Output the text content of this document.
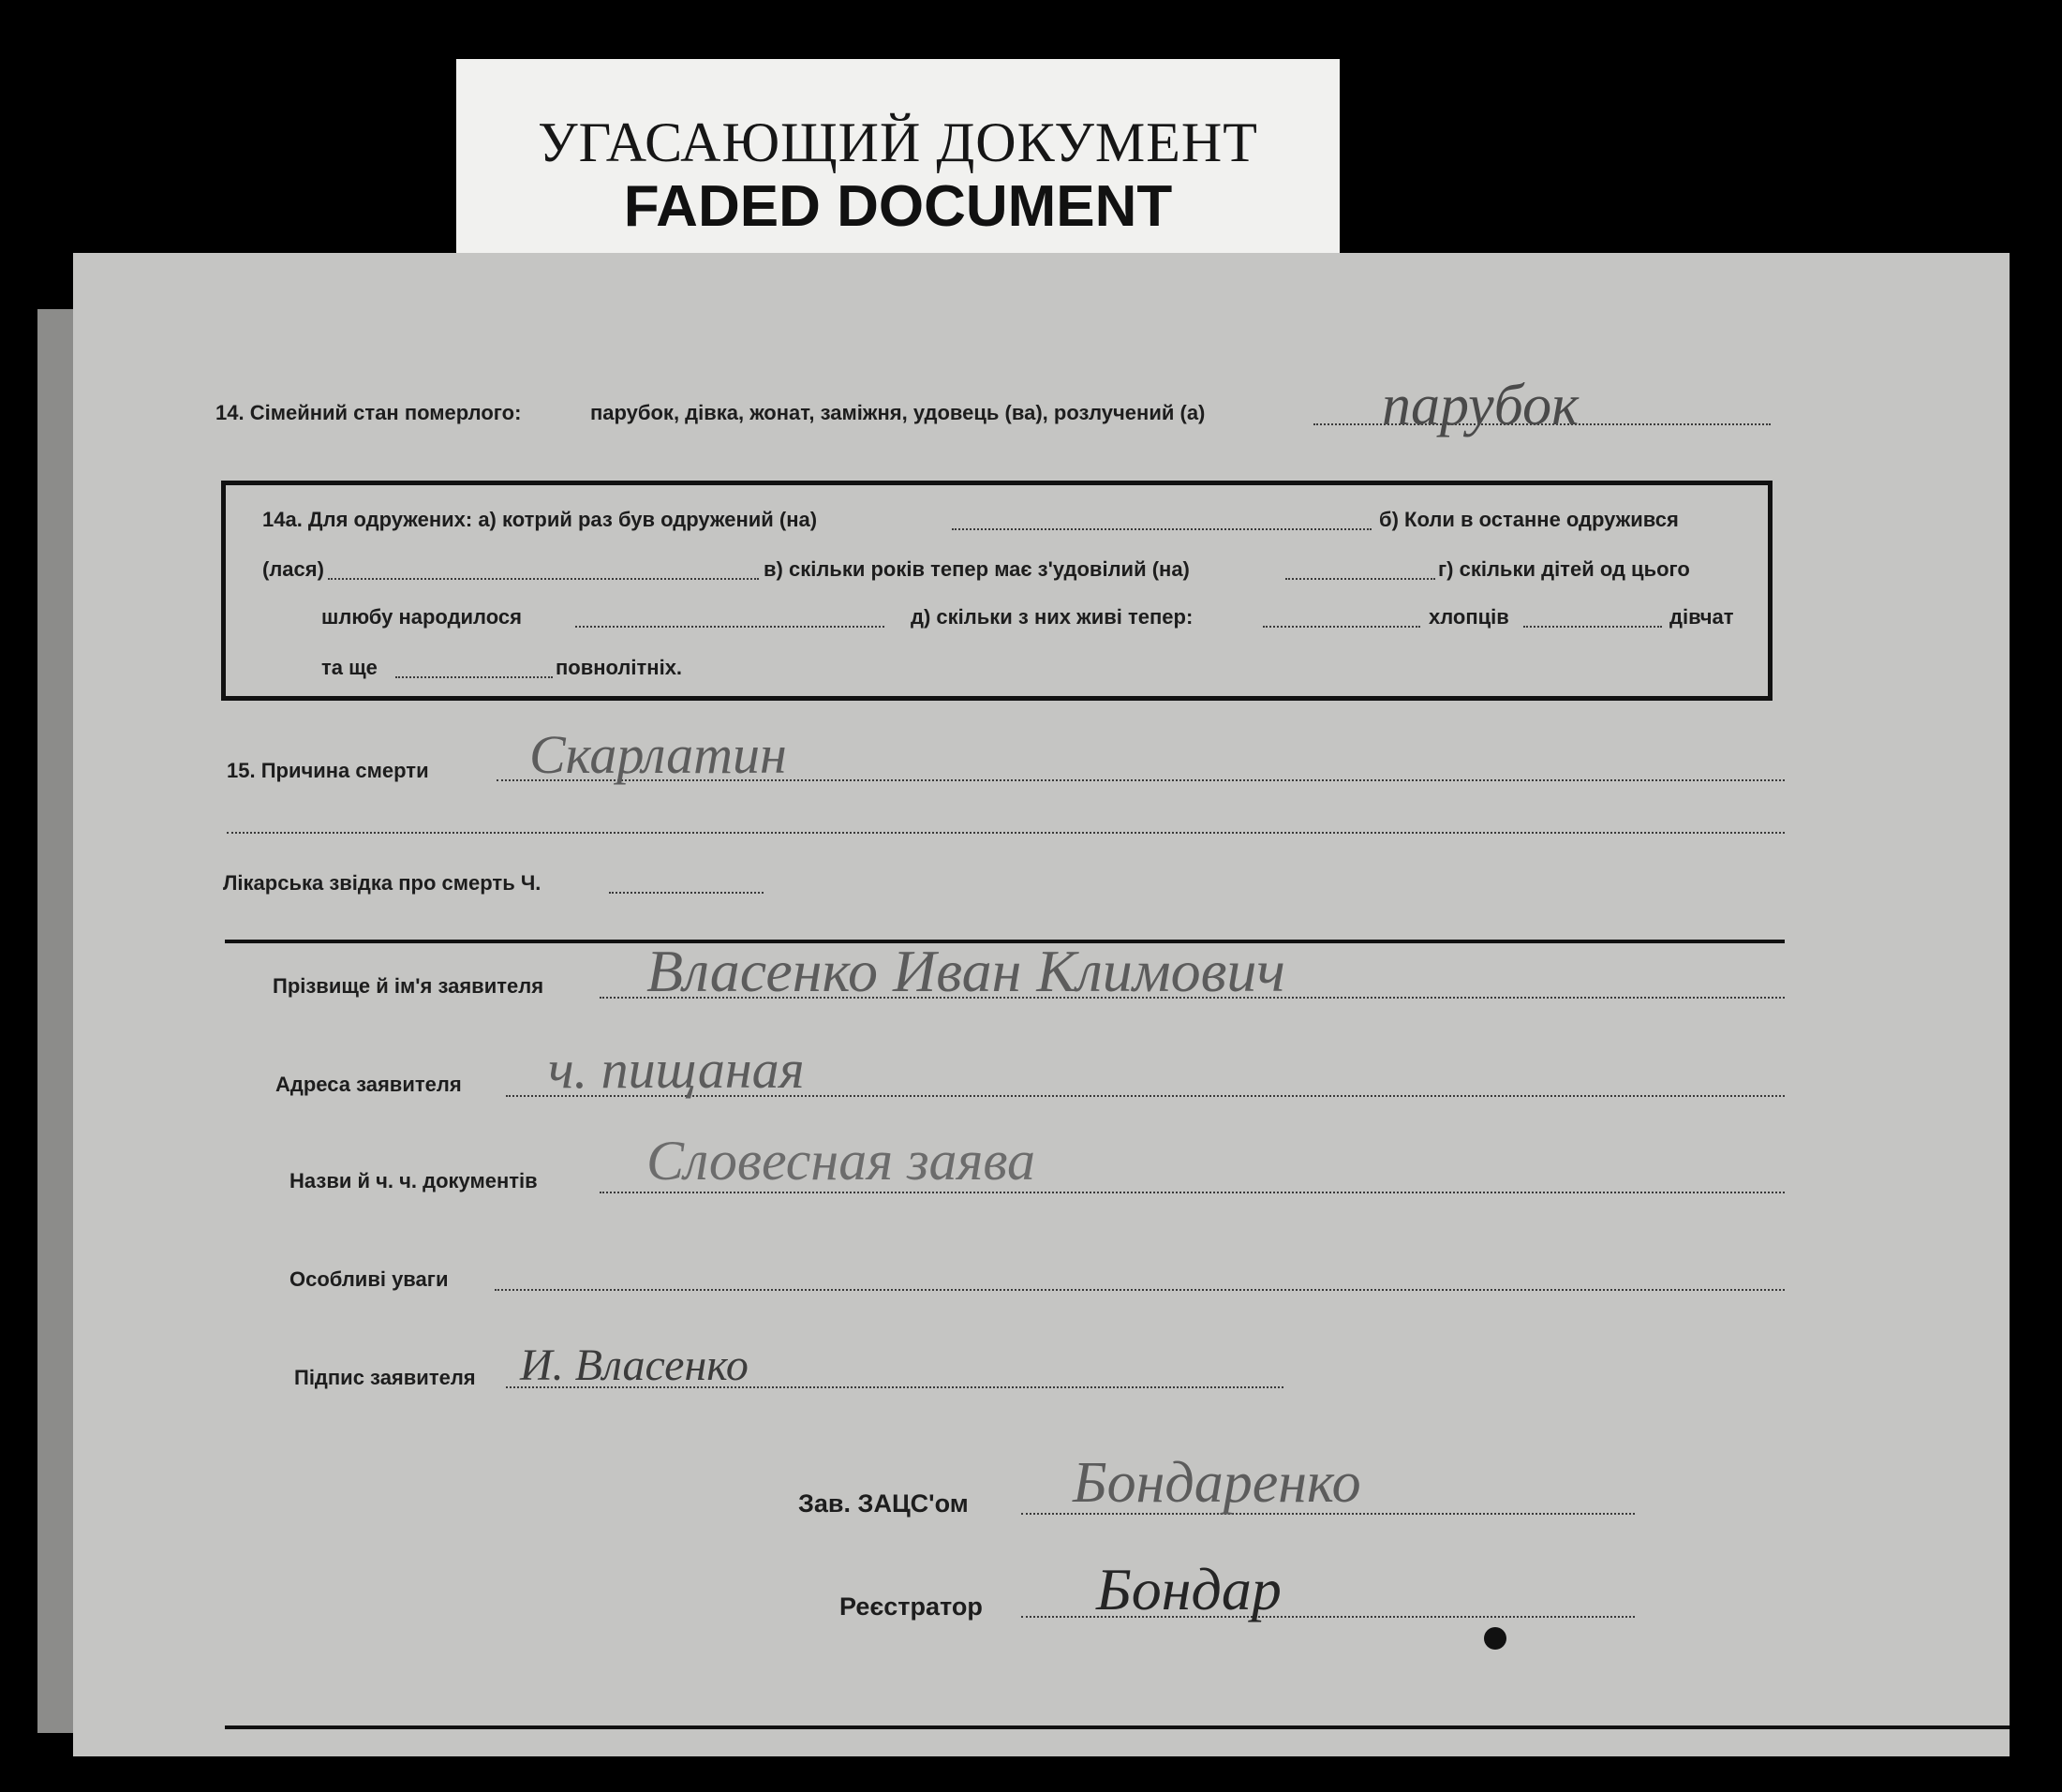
УГАСАЮЩИЙ ДОКУМЕНТ
FADED DOCUMENT
14. Сімейний стан померлого:	парубок, дівка, жонат, заміжня, удовець (ва), розлучений (а)	парубок
14а. Для одружених: а) котрий раз був одружений (на)	б) Коли в останне одружився
(лася)	в) скільки років тепер має з'удовілий (на)	г) скільки дітей од цього
шлюбу народилося	д) скільки з них живі тепер:	хлопців	дівчат
та ще	повнолітніх.
15. Причина смерти Скарлатин
Лікарська звідка про смерть Ч.
Прізвище й ім'я заявителя Власенко Иван Климович
Адреса заявителя ч. пищаная
Назви й ч. ч. документів Словесная заява
Особливі уваги
Підпис заявителя И. Власенко
Зав. ЗАЦС'ом Бондаренко
Реєстратор Бондар
